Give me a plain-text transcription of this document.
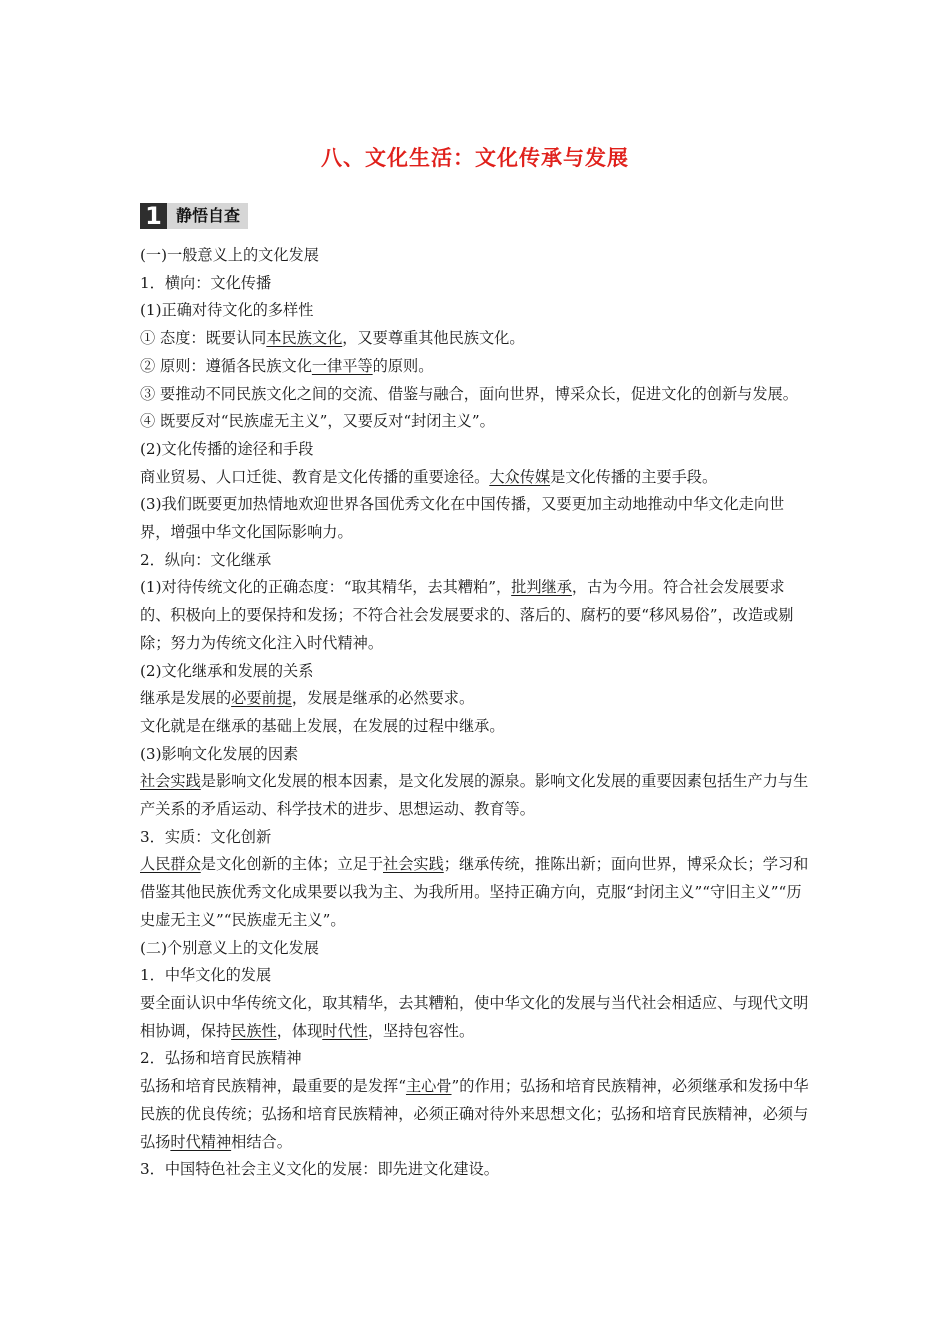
八、文化生活：文化传承与发展
1 静悟自查

(一)一般意义上的文化发展

1．横向：文化传播

(1)正确对待文化的多样性

① 态度：既要认同本民族文化，又要尊重其他民族文化。

② 原则：遵循各民族文化一律平等的原则。

③ 要推动不同民族文化之间的交流、借鉴与融合，面向世界，博采众长，促进文化的创新与发展。

④ 既要反对“民族虚无主义”，又要反对“封闭主义”。

(2)文化传播的途径和手段

商业贸易、人口迁徙、教育是文化传播的重要途径。大众传媒是文化传播的主要手段。

(3)我们既要更加热情地欢迎世界各国优秀文化在中国传播，又要更加主动地推动中华文化走向世界，增强中华文化国际影响力。

2．纵向：文化继承

(1)对待传统文化的正确态度：“取其精华，去其糟粕”，批判继承，古为今用。符合社会发展要求的、积极向上的要保持和发扬；不符合社会发展要求的、落后的、腐朽的要“移风易俗”，改造或剔除；努力为传统文化注入时代精神。

(2)文化继承和发展的关系

继承是发展的必要前提，发展是继承的必然要求。

文化就是在继承的基础上发展，在发展的过程中继承。

(3)影响文化发展的因素

社会实践是影响文化发展的根本因素，是文化发展的源泉。影响文化发展的重要因素包括生产力与生产关系的矛盾运动、科学技术的进步、思想运动、教育等。

3．实质：文化创新

人民群众是文化创新的主体；立足于社会实践；继承传统，推陈出新；面向世界，博采众长；学习和借鉴其他民族优秀文化成果要以我为主、为我所用。坚持正确方向，克服“封闭主义”“守旧主义”“历史虚无主义”“民族虚无主义”。

(二)个别意义上的文化发展

1．中华文化的发展

要全面认识中华传统文化，取其精华，去其糟粕，使中华文化的发展与当代社会相适应、与现代文明相协调，保持民族性，体现时代性，坚持包容性。

2．弘扬和培育民族精神

弘扬和培育民族精神，最重要的是发挥“主心骨”的作用；弘扬和培育民族精神，必须继承和发扬中华民族的优良传统；弘扬和培育民族精神，必须正确对待外来思想文化；弘扬和培育民族精神，必须与弘扬时代精神相结合。

3．中国特色社会主义文化的发展：即先进文化建设。
